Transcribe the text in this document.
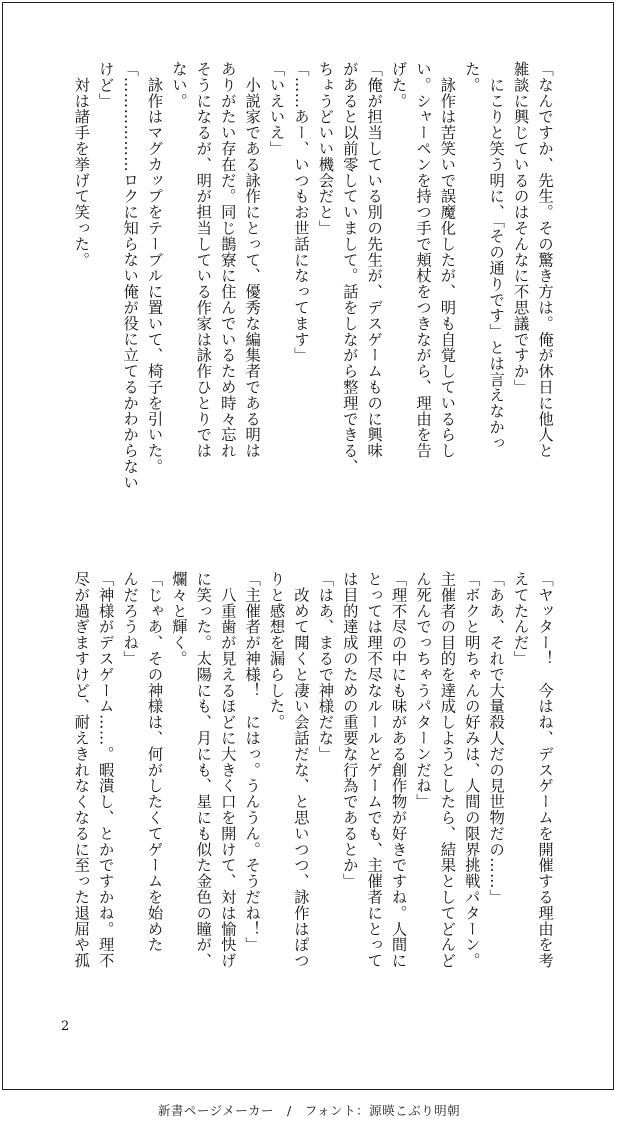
「なんですか、先生。その驚き方は。俺が休日に他人と

雑談に興じているのはそんなに不思議ですか」

　にこりと笑う明に、「その通りです」とは言えなかっ

た。

　詠作は苦笑いで誤魔化したが、明も自覚しているらし

い。シャーペンを持つ手で頬杖をつきながら、理由を告

げた。

「俺が担当している別の先生が、デスゲームものに興味

があると以前零していまして。話をしながら整理できる、

ちょうどいい機会だと」

「……あー、いつもお世話になってます」

「いえいえ」

　小説家である詠作にとって、優秀な編集者である明は

ありがたい存在だ。同じ鵲寮に住んでいるため時々忘れ

そうになるが、明が担当している作家は詠作ひとりでは

ない。

　詠作はマグカップをテーブルに置いて、椅子を引いた。

「………………ロクに知らない俺が役に立てるかわからない

けど」

　対は諸手を挙げて笑った。

「ヤッター！　今はね、デスゲームを開催する理由を考

えてたんだ」

「ああ、それで大量殺人だの見世物だの……」

「ボクと明ちゃんの好みは、人間の限界挑戦パターン。

主催者の目的を達成しようとしたら、結果としてどんど

ん死んでっちゃうパターンだね」

「理不尽の中にも味がある創作物が好きですね。人間に

とっては理不尽なルールとゲームでも、主催者にとって

は目的達成のための重要な行為であるとか」

「はあ、まるで神様だな」

　改めて聞くと凄い会話だな、と思いつつ、詠作はぽつ

りと感想を漏らした。

「主催者が神様！　にはっ。うんうん。そうだね！」

　八重歯が見えるほどに大きく口を開けて、対は愉快げ

に笑った。太陽にも、月にも、星にも似た金色の瞳が、

爛々と輝く。

「じゃあ、その神様は、何がしたくてゲームを始めた

んだろうね」

「神様がデスゲーム……。暇潰し、とかですかね。理不

尽が過ぎますけど、耐えきれなくなるに至った退屈や孤

2
新書ページメーカー　/　フォント：源暎こぶり明朝
